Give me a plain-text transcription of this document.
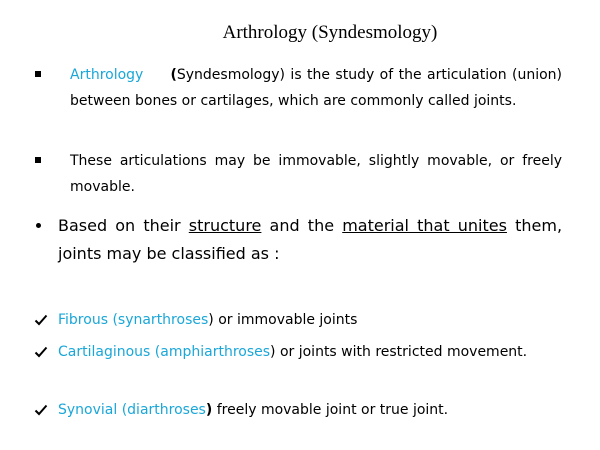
Arthrology (Syndesmology)
Arthrology (Syndesmology) is the study of the articulation (union) between bones or cartilages, which are commonly called joints.
These articulations may be immovable, slightly movable, or freely movable.
Based on their structure and the material that unites them, joints may be classified as :
Fibrous (synarthroses) or immovable joints
Cartilaginous (amphiarthroses) or joints with restricted movement.
Synovial (diarthroses) freely movable joint or true joint.
